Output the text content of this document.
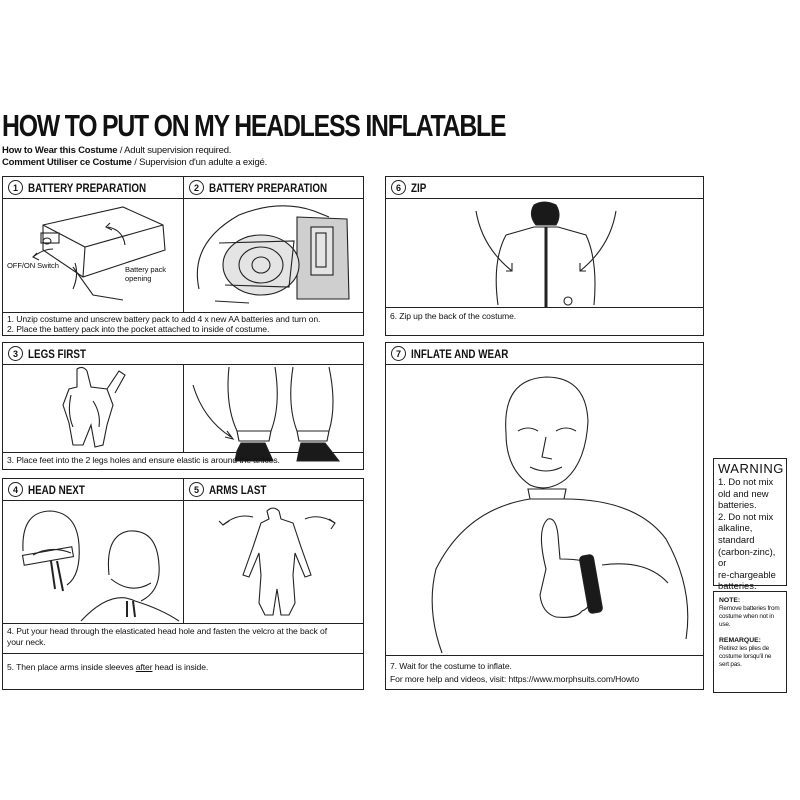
HOW TO PUT ON MY HEADLESS INFLATABLE
How to Wear this Costume / Adult supervision required.
Comment Utiliser ce Costume / Supervision d'un adulte a exigé.
1 BATTERY PREPARATION	2 BATTERY PREPARATION
OFF/ON Switch	Battery pack
opening
1. Unzip costume and unscrew battery pack to add 4 x new AA batteries and turn on.
2. Place the battery pack into the pocket attached to inside of costume.
3 LEGS FIRST
3. Place feet into the 2 legs holes and ensure elastic is around the ankles.
4 HEAD NEXT	5 ARMS LAST
4. Put your head through the elasticated head hole and fasten the velcro at the back of
your neck.
5. Then place arms inside sleeves after head is inside.
6 ZIP
6. Zip up the back of the costume.
7 INFLATE AND WEAR
7. Wait for the costume to inflate.
For more help and videos, visit: https://www.morphsuits.com/Howto
WARNING
1. Do not mix
old and new
batteries.
2. Do not mix
alkaline,
standard
(carbon-zinc), or
re-chargeable
batteries.
NOTE:
Remove batteries from costume when not in use.
REMARQUE:
Retirez les piles de costume lorsqu'il ne sert pas.
